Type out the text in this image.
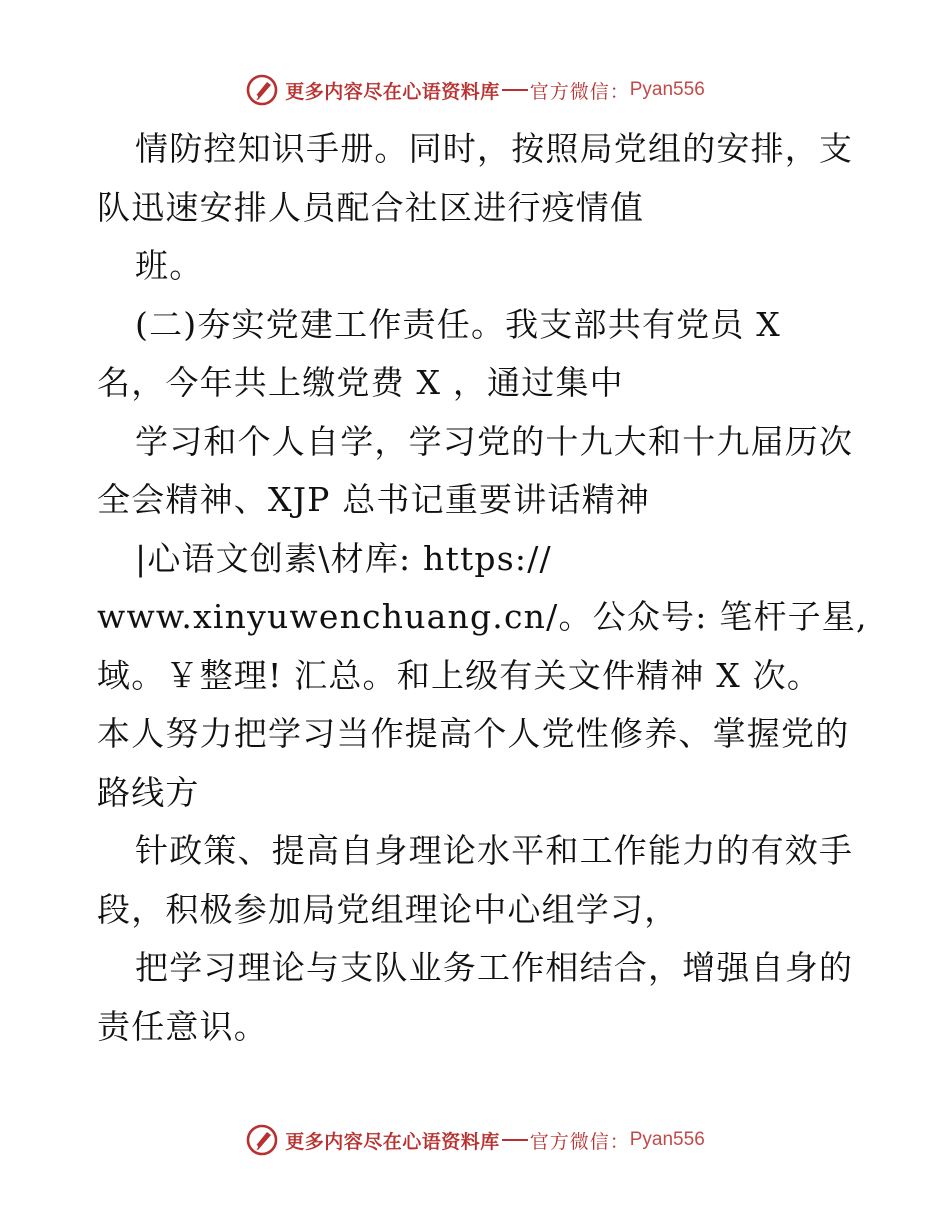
更多内容尽在心语资料库 官方微信： Pyan556
情防控知识手册。同时，按照局党组的安排，支
队迅速安排人员配合社区进行疫情值
班。
(二)夯实党建工作责任。我支部共有党员 X
名，今年共上缴党费 X ，通过集中
学习和个人自学，学习党的十九大和十九届历次
全会精神、XJP 总书记重要讲话精神
|心语文创素\材库: https://
www.xinyuwenchuang.cn/。公众号: 笔杆子星,
域。￥整理! 汇总。和上级有关文件精神 X 次。
本人努力把学习当作提高个人党性修养、掌握党的
路线方
针政策、提高自身理论水平和工作能力的有效手
段，积极参加局党组理论中心组学习，
把学习理论与支队业务工作相结合，增强自身的
责任意识。
更多内容尽在心语资料库 官方微信： Pyan556
